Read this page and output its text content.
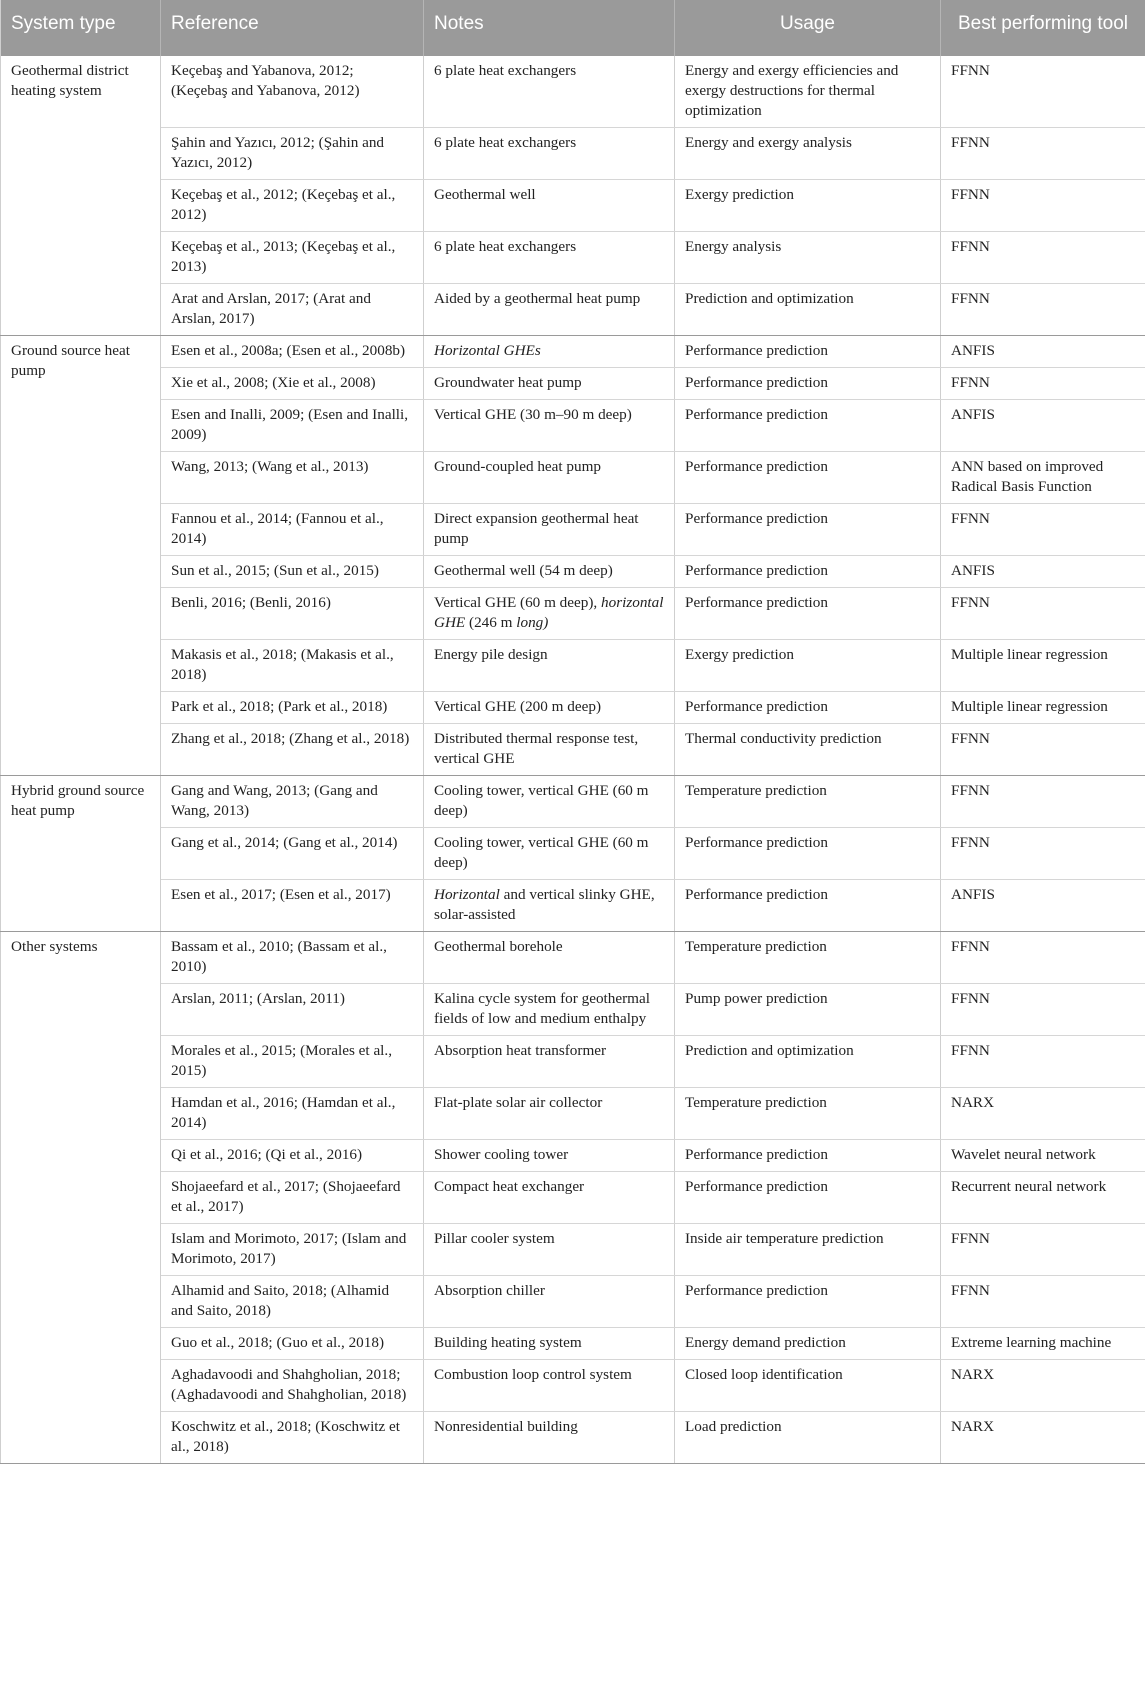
System type	Reference	Notes	Usage	Best performing tool
Geothermal district heating system	Keçebaş and Yabanova, 2012; (Keçebaş and Yabanova, 2012)	6 plate heat exchangers	Energy and exergy efficiencies and exergy destructions for thermal optimization	FFNN
	Şahin and Yazıcı, 2012; (Şahin and Yazıcı, 2012)	6 plate heat exchangers	Energy and exergy analysis	FFNN
	Keçebaş et al., 2012; (Keçebaş et al., 2012)	Geothermal well	Exergy prediction	FFNN
	Keçebaş et al., 2013; (Keçebaş et al., 2013)	6 plate heat exchangers	Energy analysis	FFNN
	Arat and Arslan, 2017; (Arat and Arslan, 2017)	Aided by a geothermal heat pump	Prediction and optimization	FFNN
Ground source heat pump	Esen et al., 2008a; (Esen et al., 2008b)	Horizontal GHEs	Performance prediction	ANFIS
	Xie et al., 2008; (Xie et al., 2008)	Groundwater heat pump	Performance prediction	FFNN
	Esen and Inalli, 2009; (Esen and Inalli, 2009)	Vertical GHE (30 m–90 m deep)	Performance prediction	ANFIS
	Wang, 2013; (Wang et al., 2013)	Ground-coupled heat pump	Performance prediction	ANN based on improved Radical Basis Function
	Fannou et al., 2014; (Fannou et al., 2014)	Direct expansion geothermal heat pump	Performance prediction	FFNN
	Sun et al., 2015; (Sun et al., 2015)	Geothermal well (54 m deep)	Performance prediction	ANFIS
	Benli, 2016; (Benli, 2016)	Vertical GHE (60 m deep), horizontal GHE (246 m long)	Performance prediction	FFNN
	Makasis et al., 2018; (Makasis et al., 2018)	Energy pile design	Exergy prediction	Multiple linear regression
	Park et al., 2018; (Park et al., 2018)	Vertical GHE (200 m deep)	Performance prediction	Multiple linear regression
	Zhang et al., 2018; (Zhang et al., 2018)	Distributed thermal response test, vertical GHE	Thermal conductivity prediction	FFNN
Hybrid ground source heat pump	Gang and Wang, 2013; (Gang and Wang, 2013)	Cooling tower, vertical GHE (60 m deep)	Temperature prediction	FFNN
	Gang et al., 2014; (Gang et al., 2014)	Cooling tower, vertical GHE (60 m deep)	Performance prediction	FFNN
	Esen et al., 2017; (Esen et al., 2017)	Horizontal and vertical slinky GHE, solar-assisted	Performance prediction	ANFIS
Other systems	Bassam et al., 2010; (Bassam et al., 2010)	Geothermal borehole	Temperature prediction	FFNN
	Arslan, 2011; (Arslan, 2011)	Kalina cycle system for geothermal fields of low and medium enthalpy	Pump power prediction	FFNN
	Morales et al., 2015; (Morales et al., 2015)	Absorption heat transformer	Prediction and optimization	FFNN
	Hamdan et al., 2016; (Hamdan et al., 2014)	Flat-plate solar air collector	Temperature prediction	NARX
	Qi et al., 2016; (Qi et al., 2016)	Shower cooling tower	Performance prediction	Wavelet neural network
	Shojaeefard et al., 2017; (Shojaeefard et al., 2017)	Compact heat exchanger	Performance prediction	Recurrent neural network
	Islam and Morimoto, 2017; (Islam and Morimoto, 2017)	Pillar cooler system	Inside air temperature prediction	FFNN
	Alhamid and Saito, 2018; (Alhamid and Saito, 2018)	Absorption chiller	Performance prediction	FFNN
	Guo et al., 2018; (Guo et al., 2018)	Building heating system	Energy demand prediction	Extreme learning machine
	Aghadavoodi and Shahgholian, 2018; (Aghadavoodi and Shahgholian, 2018)	Combustion loop control system	Closed loop identification	NARX
	Koschwitz et al., 2018; (Koschwitz et al., 2018)	Nonresidential building	Load prediction	NARX
